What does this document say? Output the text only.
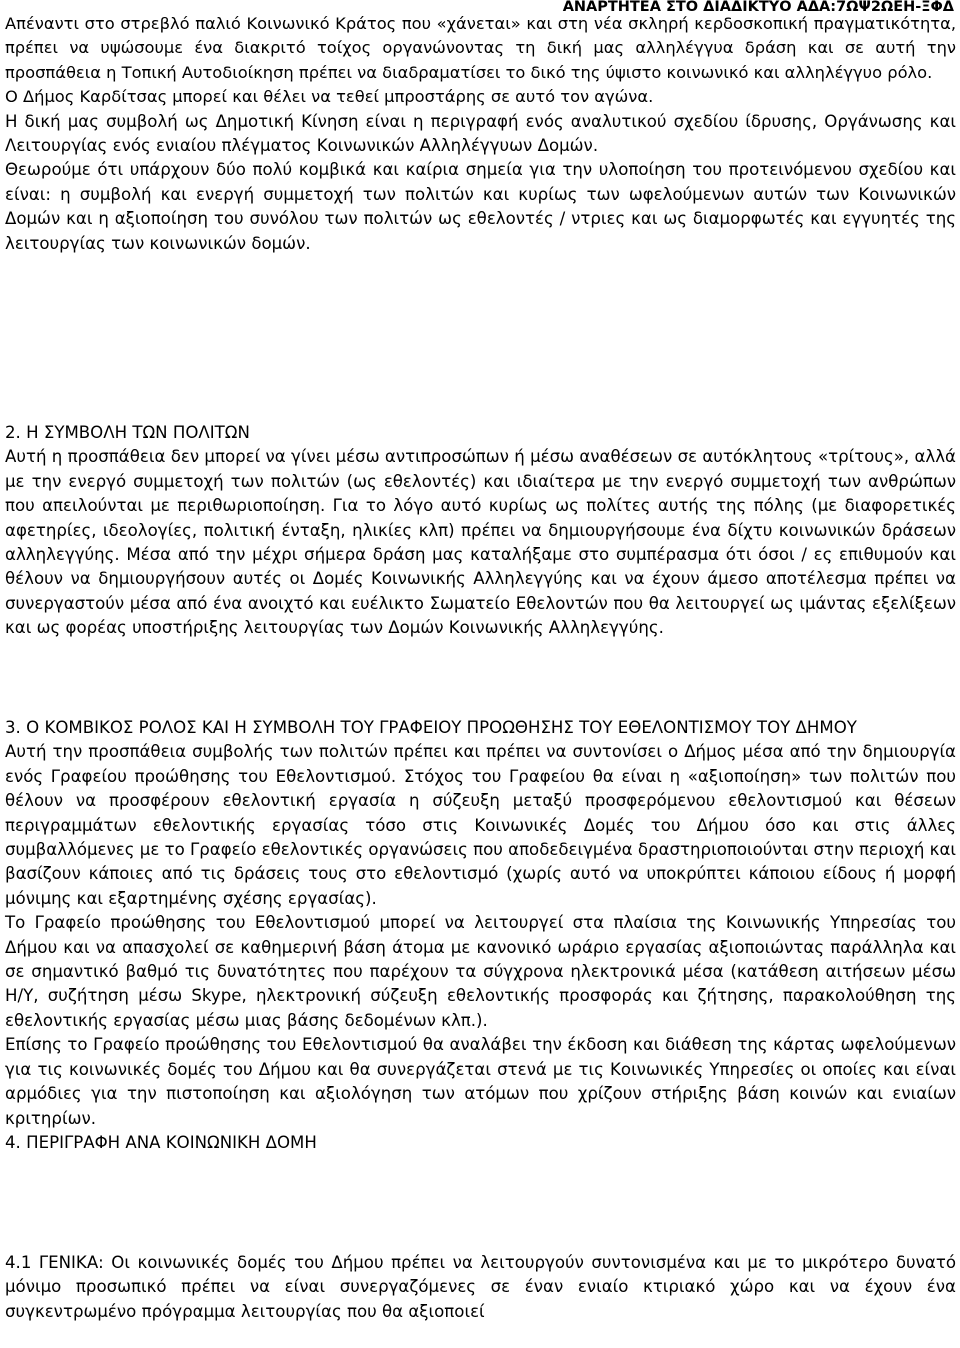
ΑΝΑΡΤΗΤΕΑ ΣΤΟ ΔΙΑΔΙΚΤΥΟ ΑΔΑ:7ΩΨ2ΩΕΗ-ΞΦΔ

Απέναντι στο στρεβλό παλιό Κοινωνικό Κράτος που «χάνεται» και στη νέα σκληρή κερδοσκοπική πραγματικότητα, πρέπει να υψώσουμε ένα διακριτό τοίχος οργανώνοντας τη δική μας αλληλέγγυα δράση και σε αυτή την προσπάθεια η Τοπική Αυτοδιοίκηση πρέπει να διαδραματίσει το δικό της ύψιστο κοινωνικό και αλληλέγγυο ρόλο.

Ο Δήμος Καρδίτσας μπορεί και θέλει να τεθεί μπροστάρης σε αυτό τον αγώνα.

Η δική μας συμβολή ως Δημοτική Κίνηση είναι η περιγραφή ενός αναλυτικού σχεδίου ίδρυσης, Οργάνωσης και Λειτουργίας ενός ενιαίου πλέγματος Κοινωνικών Αλληλέγγυων Δομών.

Θεωρούμε ότι υπάρχουν δύο πολύ κομβικά και καίρια σημεία για την υλοποίηση του προτεινόμενου σχεδίου και είναι: η συμβολή και ενεργή συμμετοχή των πολιτών και κυρίως των ωφελούμενων αυτών των Κοινωνικών Δομών και η αξιοποίηση του συνόλου των πολιτών ως εθελοντές / ντριες και ως διαμορφωτές και εγγυητές της λειτουργίας των κοινωνικών δομών.

2. Η ΣΥΜΒΟΛΗ ΤΩΝ ΠΟΛΙΤΩΝ

Αυτή η προσπάθεια δεν μπορεί να γίνει μέσω αντιπροσώπων ή μέσω αναθέσεων σε αυτόκλητους «τρίτους», αλλά με την ενεργό συμμετοχή των πολιτών (ως εθελοντές) και ιδιαίτερα με την ενεργό συμμετοχή των ανθρώπων που απειλούνται με περιθωριοποίηση. Για το λόγο αυτό κυρίως ως πολίτες αυτής της πόλης (με διαφορετικές αφετηρίες, ιδεολογίες, πολιτική ένταξη, ηλικίες κλπ) πρέπει να δημιουργήσουμε ένα δίχτυ κοινωνικών δράσεων αλληλεγγύης. Μέσα από την μέχρι σήμερα δράση μας καταλήξαμε στο συμπέρασμα ότι όσοι / ες επιθυμούν και θέλουν να δημιουργήσουν αυτές οι Δομές Κοινωνικής Αλληλεγγύης και να έχουν άμεσο αποτέλεσμα πρέπει να συνεργαστούν μέσα από ένα ανοιχτό και ευέλικτο Σωματείο Εθελοντών που θα λειτουργεί ως ιμάντας εξελίξεων και ως φορέας υποστήριξης λειτουργίας των Δομών Κοινωνικής Αλληλεγγύης.

3. Ο ΚΟΜΒΙΚΟΣ ΡΟΛΟΣ ΚΑΙ Η ΣΥΜΒΟΛΗ ΤΟΥ ΓΡΑΦΕΙΟΥ ΠΡΟΩΘΗΣΗΣ ΤΟΥ ΕΘΕΛΟΝΤΙΣΜΟΥ ΤΟΥ ΔΗΜΟΥ

Αυτή την προσπάθεια συμβολής των πολιτών πρέπει και πρέπει να συντονίσει ο Δήμος μέσα από την δημιουργία ενός Γραφείου προώθησης του Εθελοντισμού. Στόχος του Γραφείου θα είναι η «αξιοποίηση» των πολιτών που θέλουν να προσφέρουν εθελοντική εργασία η σύζευξη μεταξύ προσφερόμενου εθελοντισμού και θέσεων περιγραμμάτων εθελοντικής εργασίας τόσο στις Κοινωνικές Δομές του Δήμου όσο και στις άλλες συμβαλλόμενες με το Γραφείο εθελοντικές οργανώσεις που αποδεδειγμένα δραστηριοποιούνται στην περιοχή και βασίζουν κάποιες από τις δράσεις τους στο εθελοντισμό (χωρίς αυτό να υποκρύπτει κάποιου είδους ή μορφή μόνιμης και εξαρτημένης σχέσης εργασίας).

Το Γραφείο προώθησης του Εθελοντισμού μπορεί να λειτουργεί στα πλαίσια της Κοινωνικής Υπηρεσίας του Δήμου και να απασχολεί σε καθημερινή βάση άτομα με κανονικό ωράριο εργασίας αξιοποιώντας παράλληλα και σε σημαντικό βαθμό τις δυνατότητες που παρέχουν τα σύγχρονα ηλεκτρονικά μέσα (κατάθεση αιτήσεων μέσω Η/Υ, συζήτηση μέσω Skype, ηλεκτρονική σύζευξη εθελοντικής προσφοράς και ζήτησης, παρακολούθηση της εθελοντικής εργασίας μέσω μιας βάσης δεδομένων κλπ.).

Επίσης το Γραφείο προώθησης του Εθελοντισμού θα αναλάβει την έκδοση και διάθεση της κάρτας ωφελούμενων για τις κοινωνικές δομές του Δήμου και θα συνεργάζεται στενά με τις Κοινωνικές Υπηρεσίες οι οποίες και είναι αρμόδιες για την πιστοποίηση και αξιολόγηση των ατόμων που χρίζουν στήριξης βάση κοινών και ενιαίων κριτηρίων.

4. ΠΕΡΙΓΡΑΦΗ ΑΝΑ ΚΟΙΝΩΝΙΚΗ ΔΟΜΗ

4.1 ΓΕΝΙΚΑ: Οι κοινωνικές δομές του Δήμου πρέπει να λειτουργούν συντονισμένα και με το μικρότερο δυνατό μόνιμο προσωπικό πρέπει να είναι συνεργαζόμενες σε έναν ενιαίο κτιριακό χώρο και να έχουν ένα συγκεντρωμένο πρόγραμμα λειτουργίας που θα αξιοποιεί
